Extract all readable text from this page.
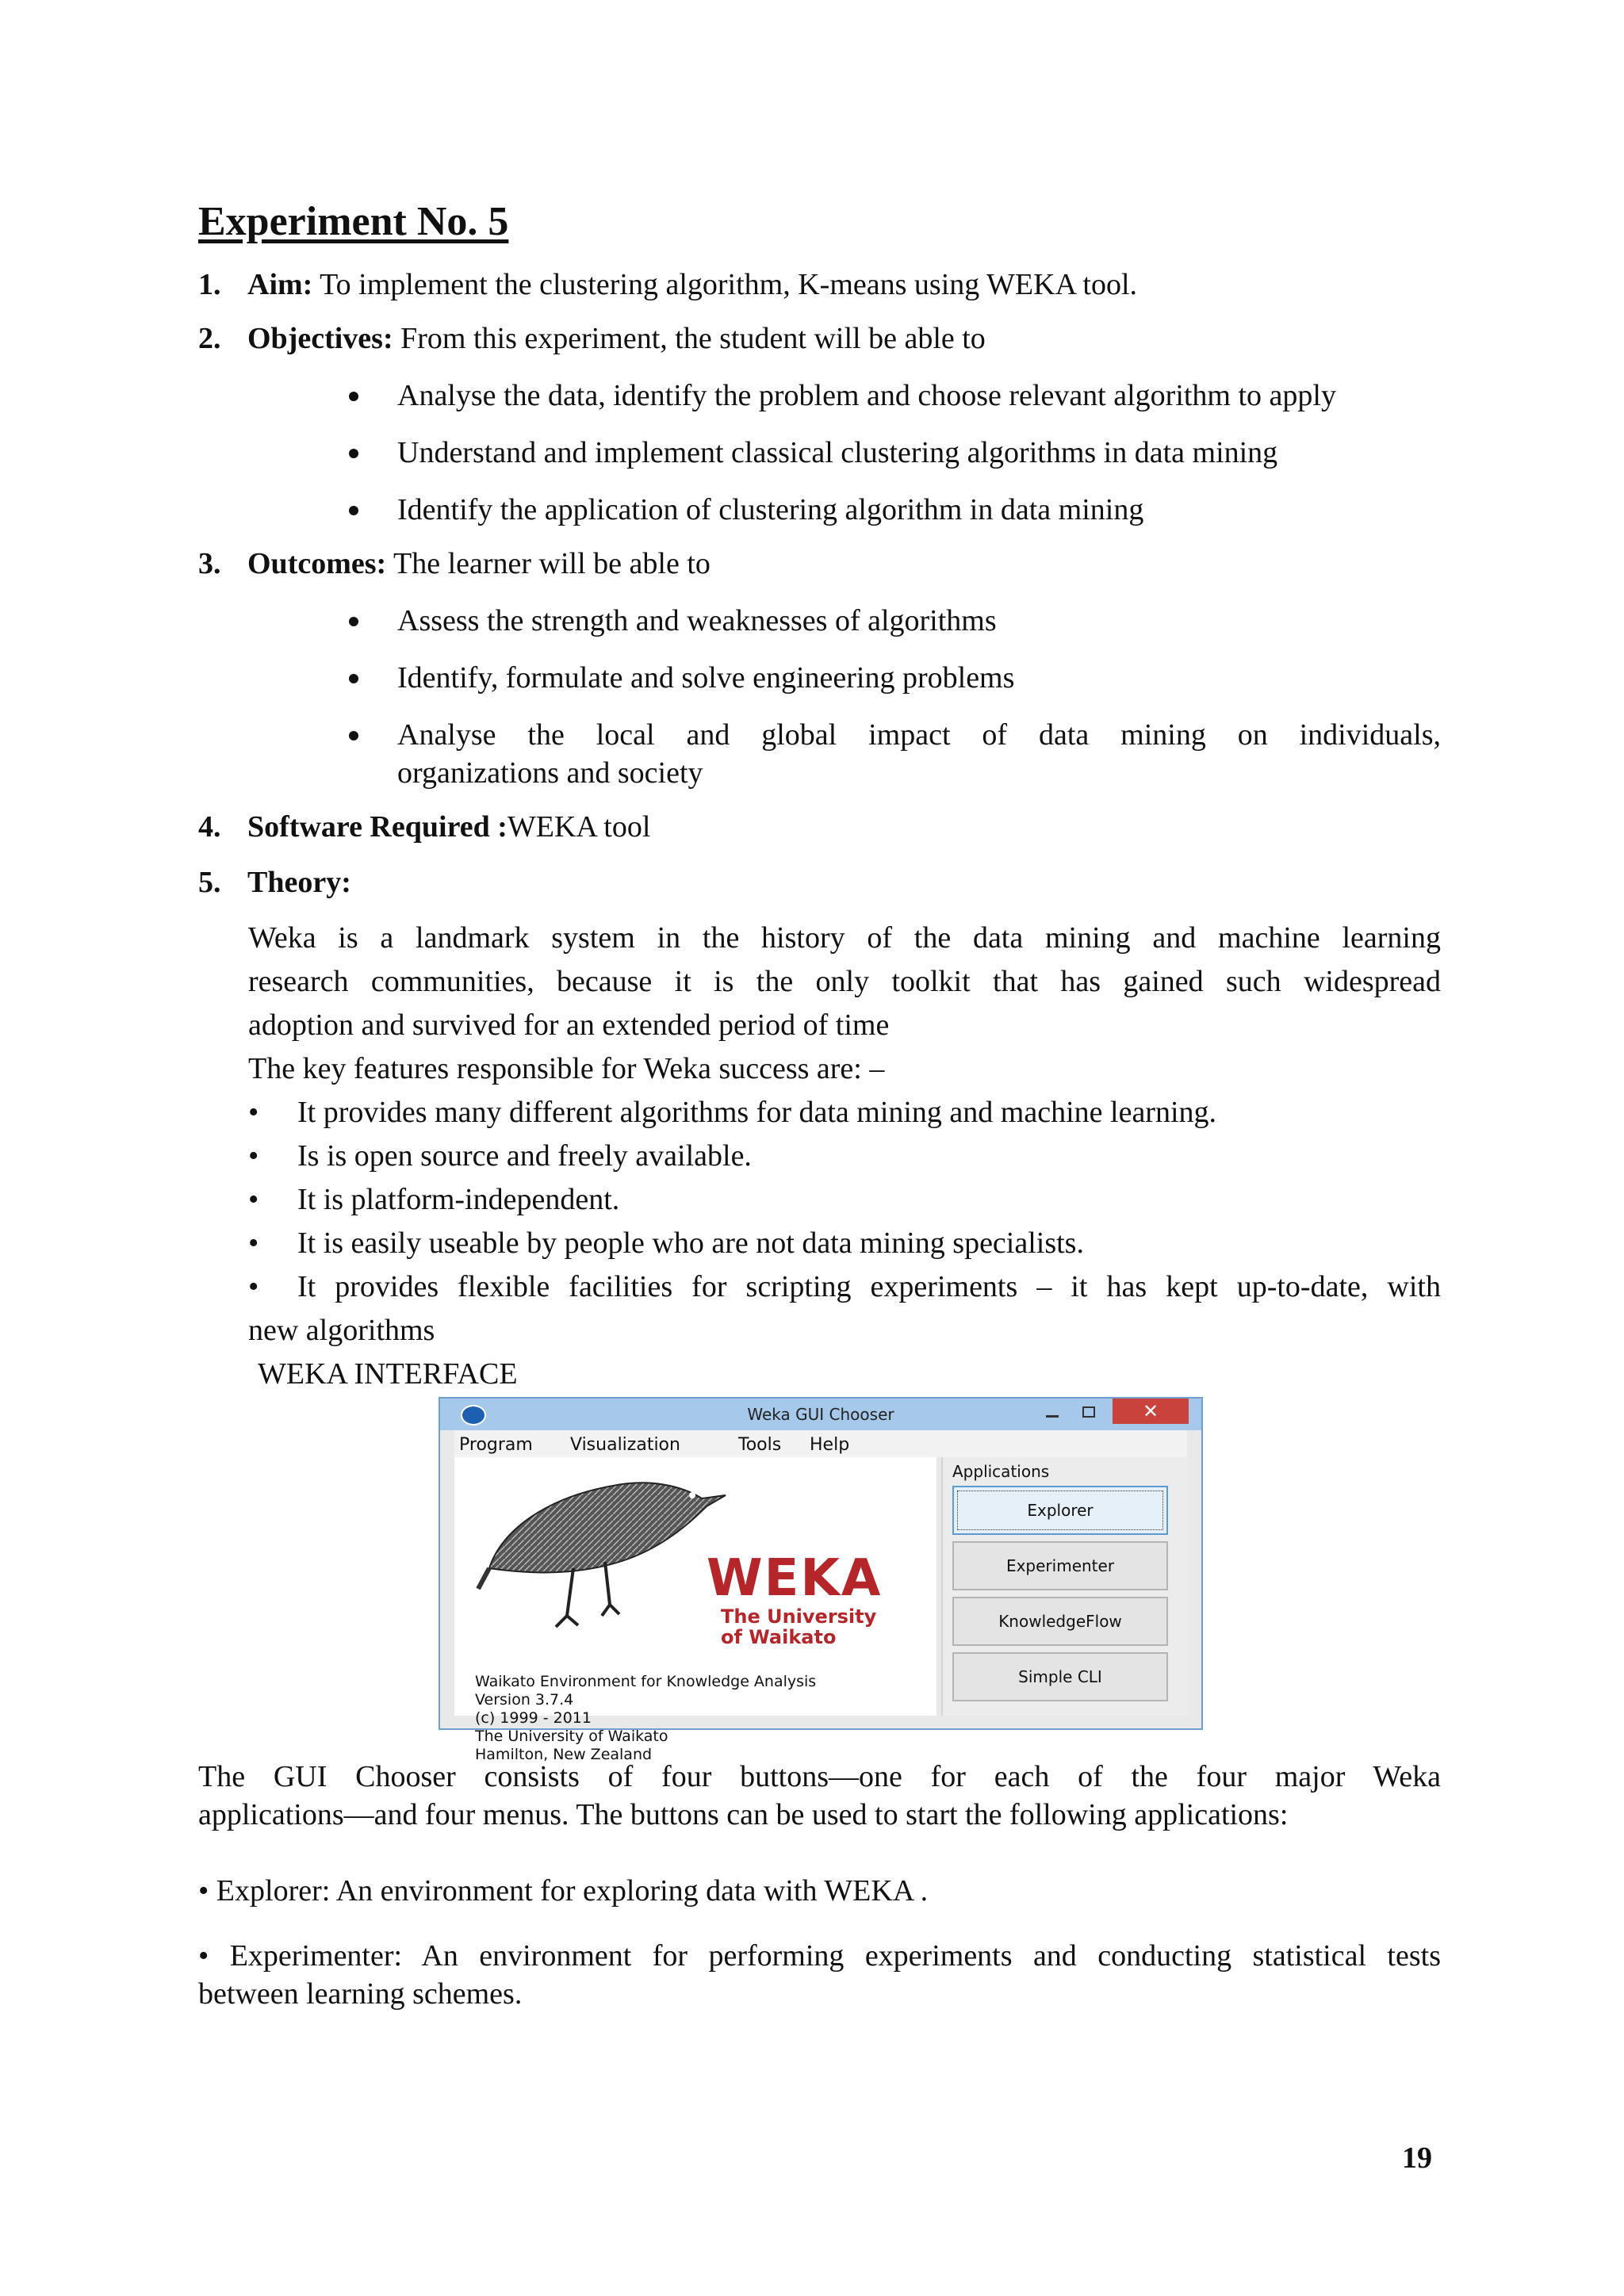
Experiment No. 5
1. Aim: To implement the clustering algorithm, K-means using WEKA tool.
2. Objectives: From this experiment, the student will be able to
Analyse the data, identify the problem and choose relevant algorithm to apply
Understand and implement classical clustering algorithms in data mining
Identify the application of clustering algorithm in data mining
3. Outcomes: The learner will be able to
Assess the strength and weaknesses of algorithms
Identify, formulate and solve engineering problems
Analyse the local and global impact of data mining on individuals,
organizations and society
4. Software Required :WEKA tool
5. Theory:
Weka is a landmark system in the history of the data mining and machine learning
research communities, because it is the only toolkit that has gained such widespread
adoption and survived for an extended period of time
The key features responsible for Weka success are: –
• It provides many different algorithms for data mining and machine learning.
• Is is open source and freely available.
• It is platform-independent.
• It is easily useable by people who are not data mining specialists.
• It provides flexible facilities for scripting experiments – it has kept up-to-date, with
new algorithms
WEKA INTERFACE
Weka GUI Chooser	✕
Program Visualization	Tools Help
WEKA
The University
of Waikato
Waikato Environment for Knowledge Analysis
Version 3.7.4
(c) 1999 - 2011
The University of Waikato
Hamilton, New Zealand
Applications
Explorer
Experimenter
KnowledgeFlow
Simple CLI
The GUI Chooser consists of four buttons—one for each of the four major Weka
applications—and four menus. The buttons can be used to start the following applications:
• Explorer: An environment for exploring data with WEKA .
• Experimenter: An environment for performing experiments and conducting statistical tests
between learning schemes.
19
